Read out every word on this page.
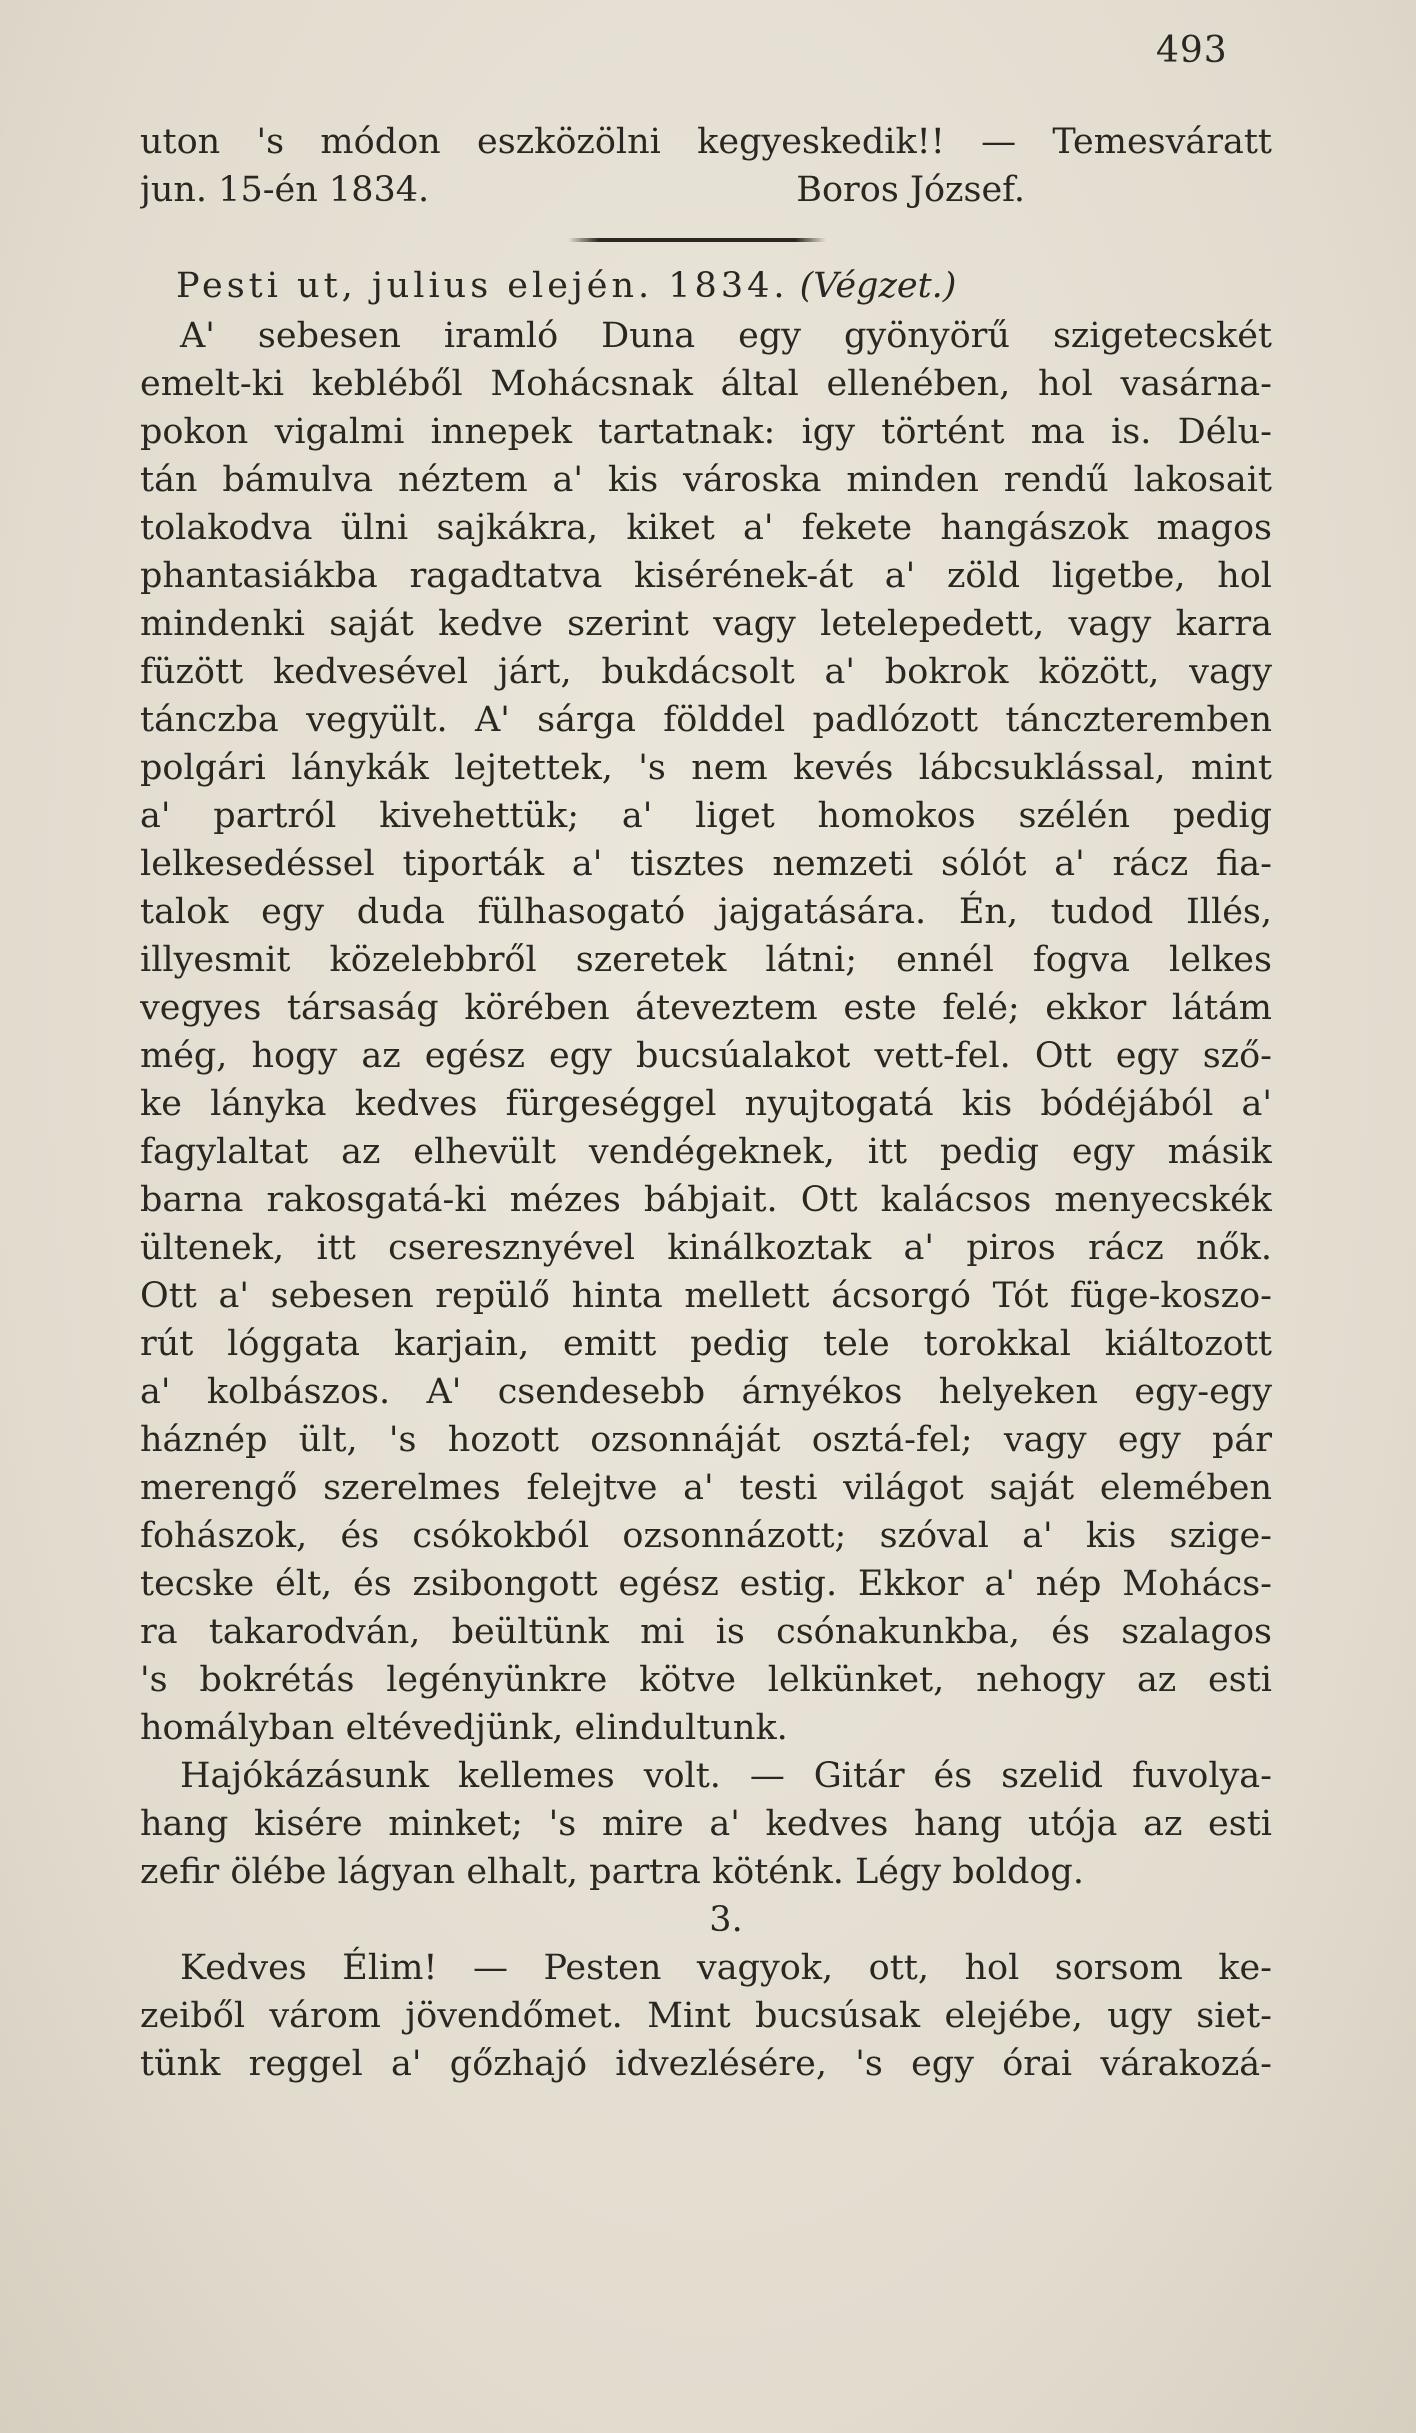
493
uton 's módon eszközölni kegyeskedik!! — Temesváratt
jun. 15-én 1834.                                 Boros József.
Pesti ut, julius elején. 1834. (Végzet.)
A' sebesen iramló Duna egy gyönyörű szigetecskét
emelt-ki kebléből Mohácsnak által ellenében, hol vasárna-
pokon vigalmi innepek tartatnak: igy történt ma is. Délu-
tán bámulva néztem a' kis városka minden rendű lakosait
tolakodva ülni sajkákra, kiket a' fekete hangászok magos
phantasiákba ragadtatva kisérének-át a' zöld ligetbe, hol
mindenki saját kedve szerint vagy letelepedett, vagy karra
füzött kedvesével járt, bukdácsolt a' bokrok között, vagy
tánczba vegyült. A' sárga földdel padlózott tánczteremben
polgári lánykák lejtettek, 's nem kevés lábcsuklással, mint
a' partról kivehettük; a' liget homokos szélén pedig
lelkesedéssel tiporták a' tisztes nemzeti sólót a' rácz fia-
talok egy duda fülhasogató jajgatására. Én, tudod Illés,
illyesmit közelebbről szeretek látni; ennél fogva lelkes
vegyes társaság körében áteveztem este felé; ekkor látám
még, hogy az egész egy bucsúalakot vett-fel. Ott egy sző-
ke lányka kedves fürgeséggel nyujtogatá kis bódéjából a'
fagylaltat az elhevült vendégeknek, itt pedig egy másik
barna rakosgatá-ki mézes bábjait. Ott kalácsos menyecskék
ültenek, itt cseresznyével kinálkoztak a' piros rácz nők.
Ott a' sebesen repülő hinta mellett ácsorgó Tót füge-koszo-
rút lóggata karjain, emitt pedig tele torokkal kiáltozott
a' kolbászos. A' csendesebb árnyékos helyeken egy-egy
háznép ült, 's hozott ozsonnáját osztá-fel; vagy egy pár
merengő szerelmes felejtve a' testi világot saját elemében
fohászok, és csókokból ozsonnázott; szóval a' kis szige-
tecske élt, és zsibongott egész estig. Ekkor a' nép Mohács-
ra takarodván, beültünk mi is csónakunkba, és szalagos
's bokrétás legényünkre kötve lelkünket, nehogy az esti
homályban eltévedjünk, elindultunk.
Hajókázásunk kellemes volt. — Gitár és szelid fuvolya-
hang kisére minket; 's mire a' kedves hang utója az esti
zefir ölébe lágyan elhalt, partra köténk. Légy boldog.
3.
Kedves Élim! — Pesten vagyok, ott, hol sorsom ke-
zeiből várom jövendőmet. Mint bucsúsak elejébe, ugy siet-
tünk reggel a' gőzhajó idvezlésére, 's egy órai várakozá-
